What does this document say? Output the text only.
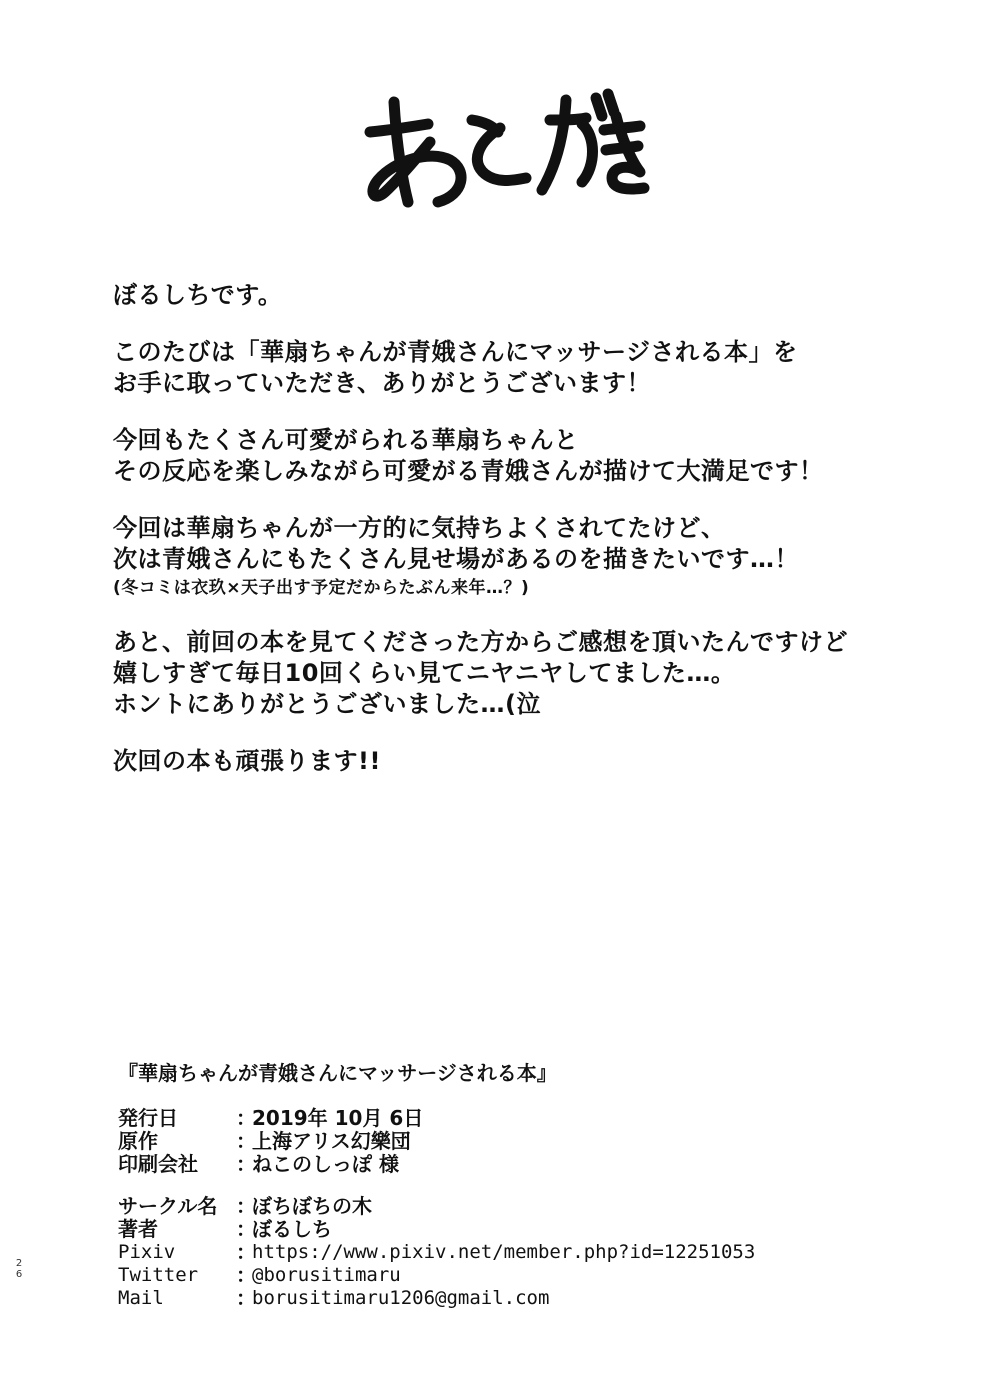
ぼるしちです。

このたびは「華扇ちゃんが青娥さんにマッサージされる本」を
お手に取っていただき、ありがとうございます！

今回もたくさん可愛がられる華扇ちゃんと
その反応を楽しみながら可愛がる青娥さんが描けて大満足です！

今回は華扇ちゃんが一方的に気持ちよくされてたけど、
次は青娥さんにもたくさん見せ場があるのを描きたいです…！
(冬コミは衣玖×天子出す予定だからたぶん来年…？)

あと、前回の本を見てくださった方からご感想を頂いたんですけど
嬉しすぎて毎日10回くらい見てニヤニヤしてました…。
ホントにありがとうございました…(泣

次回の本も頑張ります!!

『華扇ちゃんが青娥さんにマッサージされる本』
発行日	：
2019年 10月 6日
原作	：
上海アリス幻樂団
印刷会社	：
ねこのしっぽ 様
サークル名 ：
ぼちぼちの木
著者	：
ぼるしち
Pixiv	：
https://www.pixiv.net/member.php?id=12251053
Twitter	：
@borusitimaru
Mail	：
borusitimaru1206@gmail.com
2
6
